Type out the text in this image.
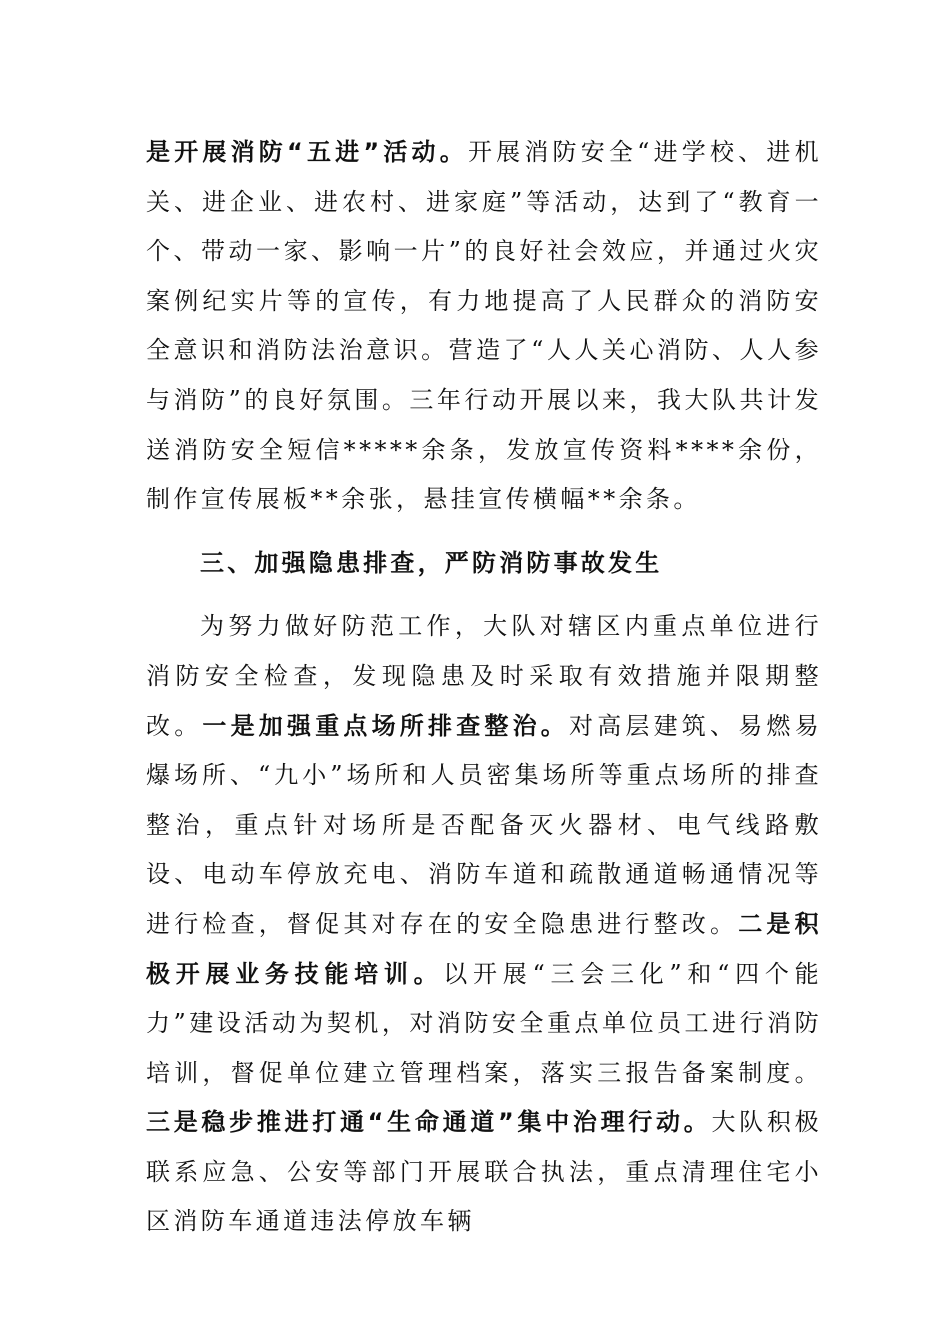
是开展消防“五进”活动。开展消防安全“进学校、进机关、进企业、进农村、进家庭”等活动，达到了“教育一个、带动一家、影响一片”的良好社会效应，并通过火灾案例纪实片等的宣传，有力地提高了人民群众的消防安全意识和消防法治意识。营造了“人人关心消防、人人参与消防”的良好氛围。三年行动开展以来，我大队共计发送消防安全短信*****余条，发放宣传资料****余份，制作宣传展板**余张，悬挂宣传横幅**余条。

三、加强隐患排查，严防消防事故发生

为努力做好防范工作，大队对辖区内重点单位进行消防安全检查，发现隐患及时采取有效措施并限期整改。一是加强重点场所排查整治。对高层建筑、易燃易爆场所、“九小”场所和人员密集场所等重点场所的排查整治，重点针对场所是否配备灭火器材、电气线路敷设、电动车停放充电、消防车道和疏散通道畅通情况等进行检查，督促其对存在的安全隐患进行整改。二是积极开展业务技能培训。以开展“三会三化”和“四个能力”建设活动为契机，对消防安全重点单位员工进行消防培训，督促单位建立管理档案，落实三报告备案制度。三是稳步推进打通“生命通道”集中治理行动。大队积极联系应急、公安等部门开展联合执法，重点清理住宅小区消防车通道违法停放车辆
